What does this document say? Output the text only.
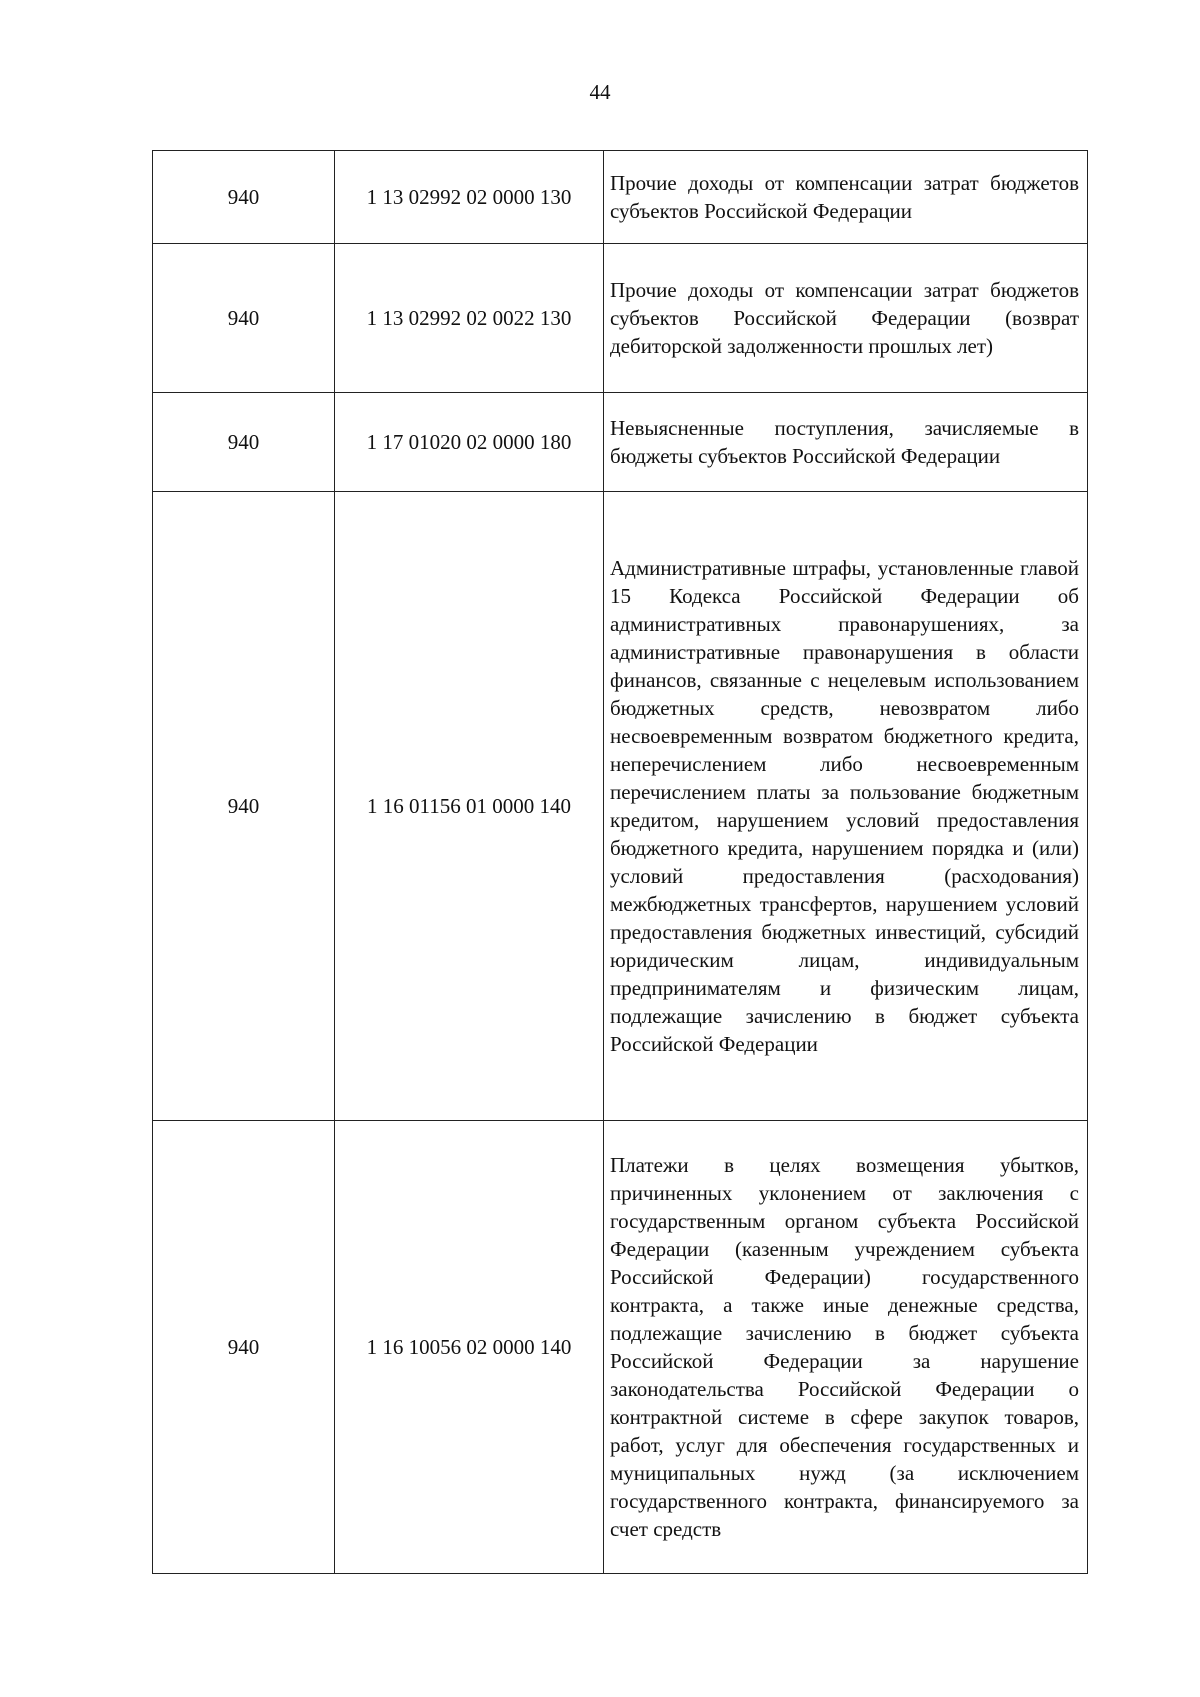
44
940	1 13 02992 02 0000 130	Прочие доходы от компенсации затрат бюджетов субъектов Российской Федерации

940	1 13 02992 02 0022 130	Прочие доходы от компенсации затрат бюджетов субъектов Российской Федерации (возврат дебиторской задолженности прошлых лет)

940	1 17 01020 02 0000 180	Невыясненные поступления, зачисляемые в бюджеты субъектов Российской Федерации

940	1 16 01156 01 0000 140	Административные штрафы, установленные главой 15 Кодекса Российской Федерации об административных правонарушениях, за административные правонарушения в области финансов, связанные с нецелевым использованием бюджетных средств, невозвратом либо несвоевременным возвратом бюджетного кредита, неперечислением либо несвоевременным перечислением платы за пользование бюджетным кредитом, нарушением условий предоставления бюджетного кредита, нарушением порядка и (или) условий предоставления (расходования) межбюджетных трансфертов, нарушением условий предоставления бюджетных инвестиций, субсидий юридическим лицам, индивидуальным предпринимателям и физическим лицам, подлежащие зачислению в бюджет субъекта Российской Федерации

940	1 16 10056 02 0000 140	Платежи в целях возмещения убытков, причиненных уклонением от заключения с государственным органом субъекта Российской Федерации (казенным учреждением субъекта Российской Федерации) государственного контракта, а также иные денежные средства, подлежащие зачислению в бюджет субъекта Российской Федерации за нарушение законодательства Российской Федерации о контрактной системе в сфере закупок товаров, работ, услуг для обеспечения государственных и муниципальных нужд (за исключением государственного контракта, финансируемого за счет средств
